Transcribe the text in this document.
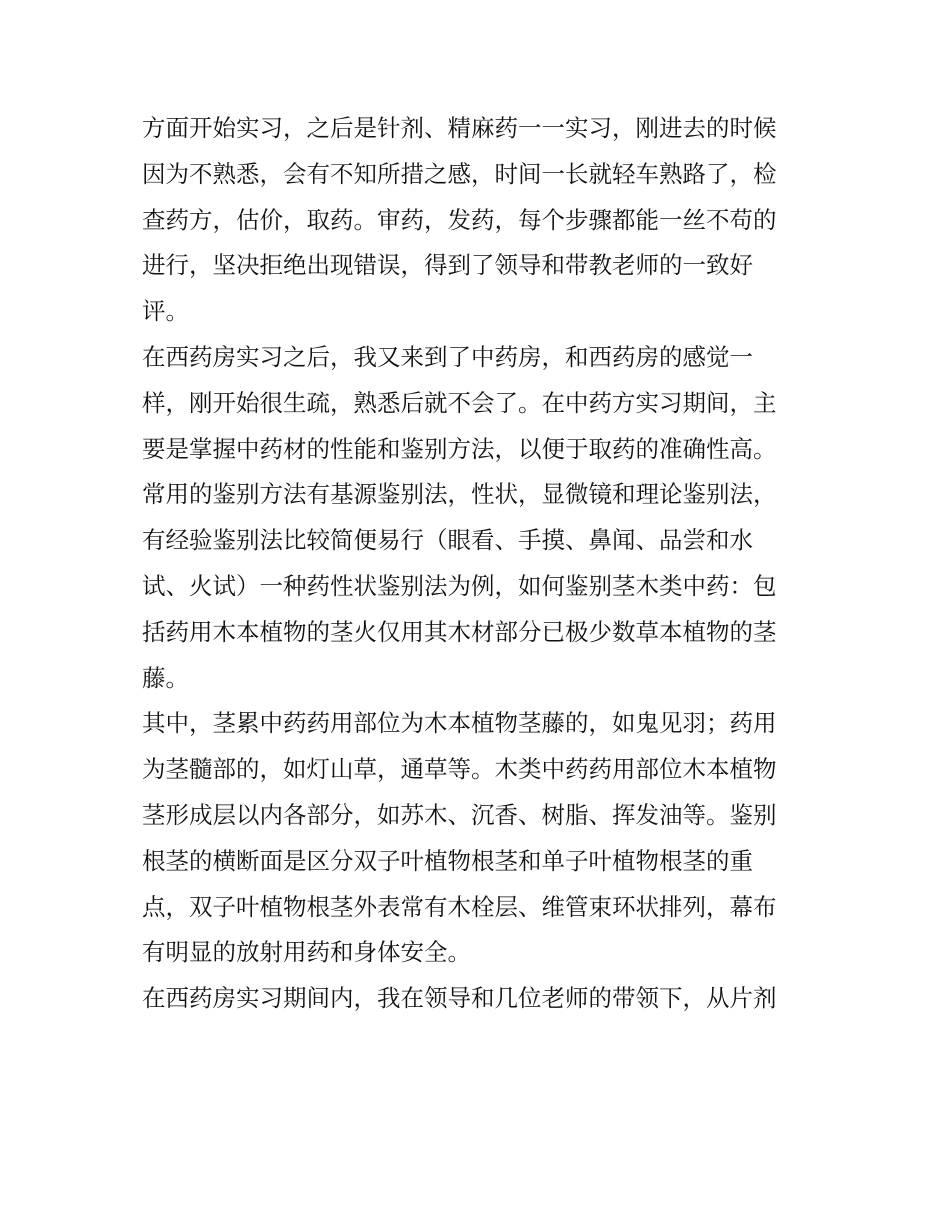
方面开始实习，之后是针剂、精麻药一一实习，刚进去的时候
因为不熟悉，会有不知所措之感，时间一长就轻车熟路了，检
查药方，估价，取药。审药，发药，每个步骤都能一丝不苟的
进行，坚决拒绝出现错误，得到了领导和带教老师的一致好
评。

在西药房实习之后，我又来到了中药房，和西药房的感觉一
样，刚开始很生疏，熟悉后就不会了。在中药方实习期间，主
要是掌握中药材的性能和鉴别方法，以便于取药的准确性高。
常用的鉴别方法有基源鉴别法，性状，显微镜和理论鉴别法，
有经验鉴别法比较简便易行（眼看、手摸、鼻闻、品尝和水
试、火试）一种药性状鉴别法为例，如何鉴别茎木类中药：包
括药用木本植物的茎火仅用其木材部分已极少数草本植物的茎
藤。

其中，茎累中药药用部位为木本植物茎藤的，如鬼见羽；药用
为茎髓部的，如灯山草，通草等。木类中药药用部位木本植物
茎形成层以内各部分，如苏木、沉香、树脂、挥发油等。鉴别
根茎的横断面是区分双子叶植物根茎和单子叶植物根茎的重
点，双子叶植物根茎外表常有木栓层、维管束环状排列，幕布
有明显的放射用药和身体安全。

在西药房实习期间内，我在领导和几位老师的带领下，从片剂
